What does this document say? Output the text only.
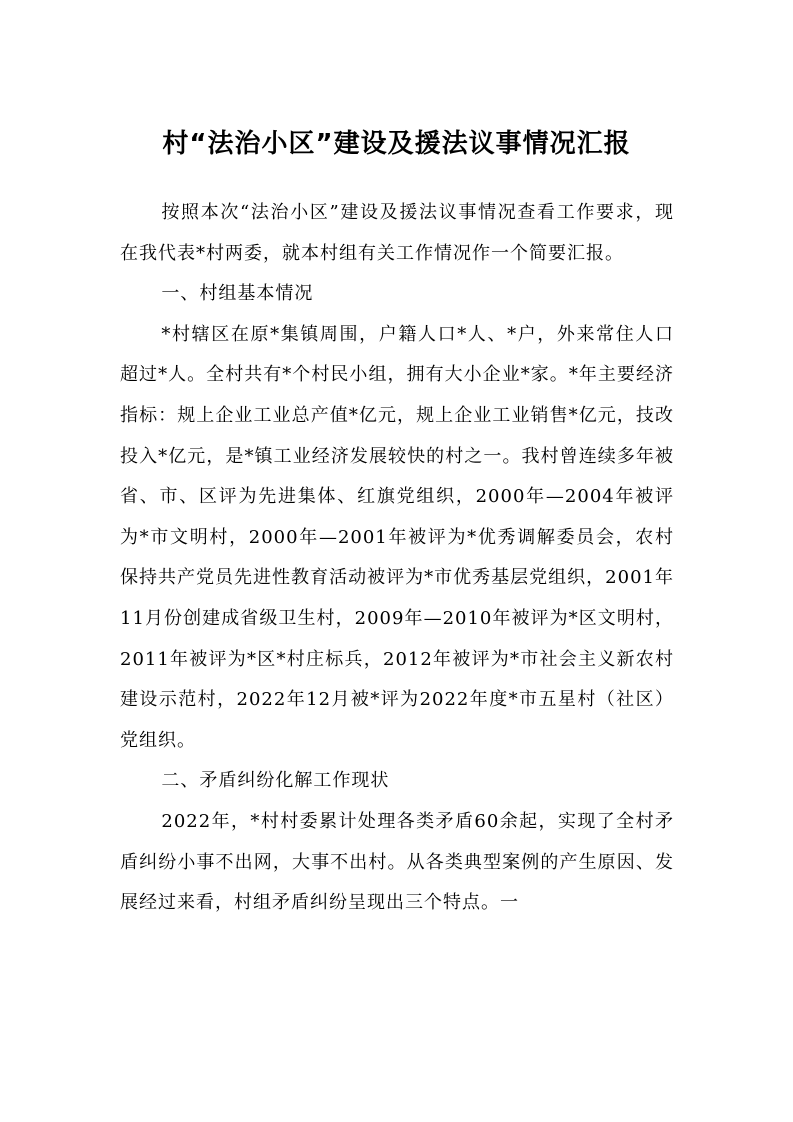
村“法治小区”建设及援法议事情况汇报

按照本次“法治小区”建设及援法议事情况查看工作要求，现在我代表*村两委，就本村组有关工作情况作一个简要汇报。

一、村组基本情况

*村辖区在原*集镇周围，户籍人口*人、*户，外来常住人口超过*人。全村共有*个村民小组，拥有大小企业*家。*年主要经济指标：规上企业工业总产值*亿元，规上企业工业销售*亿元，技改投入*亿元，是*镇工业经济发展较快的村之一。我村曾连续多年被省、市、区评为先进集体、红旗党组织，2000年—2004年被评为*市文明村，2000年—2001年被评为*优秀调解委员会，农村保持共产党员先进性教育活动被评为*市优秀基层党组织，2001年11月份创建成省级卫生村，2009年—2010年被评为*区文明村，2011年被评为*区*村庄标兵，2012年被评为*市社会主义新农村建设示范村，2022年12月被*评为2022年度*市五星村（社区）党组织。

二、矛盾纠纷化解工作现状

2022年，*村村委累计处理各类矛盾60余起，实现了全村矛盾纠纷小事不出网，大事不出村。从各类典型案例的产生原因、发展经过来看，村组矛盾纠纷呈现出三个特点。一
